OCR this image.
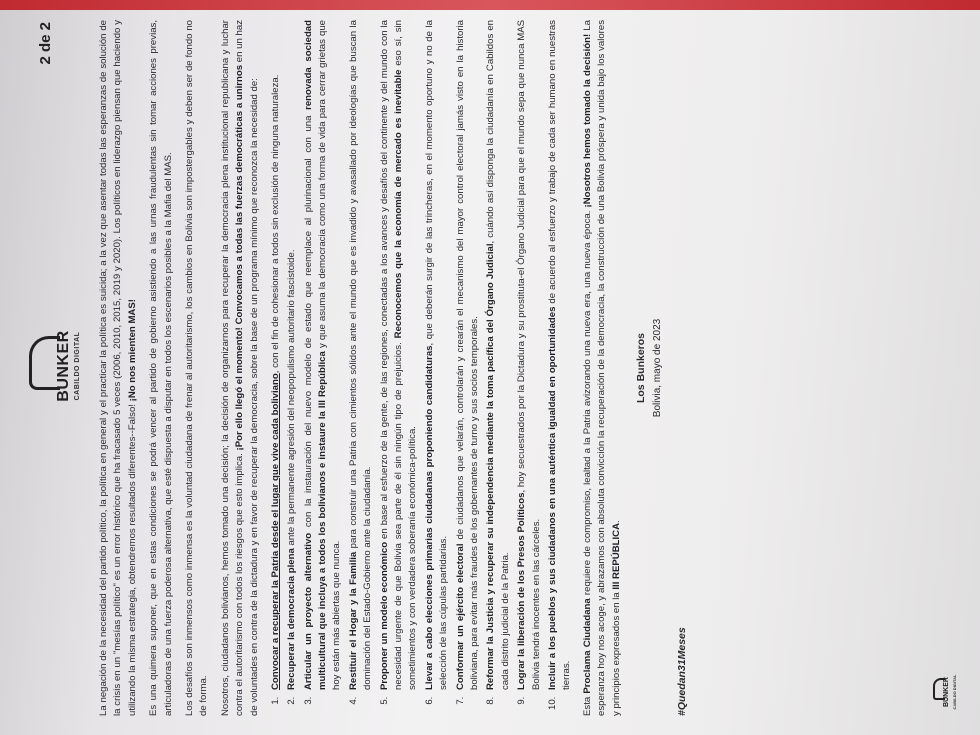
BUNKER CABILDO DIGITAL
2 de 2	La negación de la necesidad del partido político, la política en general y el practicar la política es suicida; a la vez que asentar todas las esperanzas de solución de la crisis en un "mesías político" es un error histórico que ha fracasado 5 veces (2006, 2010, 2015, 2019 y 2020). Los políticos en liderazgo piensan que haciendo y utilizando la misma estrategia, obtendremos resultados diferentes--Falso! ¡No nos mienten MAS! Es una quimera suponer, que en estas condiciones se podrá vencer al partido de gobierno asistiendo a las urnas fraudulentas sin tomar acciones previas, articuladoras de una fuerza poderosa alternativa, que esté dispuesta a disputar en todos los escenarios posibles a la Mafia del MAS. Los desafíos son inmensos como inmensa es la voluntad ciudadana de frenar al autoritarismo, los cambios en Bolivia son impostergables y deben ser de fondo no de forma. Nosotros, ciudadanos bolivianos, hemos tomado una decisión; la decisión de organizarnos para recuperar la democracia plena institucional republicana y luchar contra el autoritarismo con todos los riesgos que esto implica. ¡Por ello llegó el momento! Convocamos a todas las fuerzas democráticas a unirnos en un haz de voluntades en contra de la dictadura y en favor de recuperar la democracia, sobre la base de un programa mínimo que reconozca la necesidad de: 1. Convocar a recuperar la Patria desde el lugar que vive cada boliviano, con el fin de cohesionar a todos sin exclusión de ninguna naturaleza.
2. Recuperar la democracia plena ante la permanente agresión del neopopulismo autoritario fascistoide.
3. Articular un proyecto alternativo con la instauración del nuevo modelo de estado que reemplace al plurinacional con una renovada sociedad multicultural que incluya a todos los bolivianos e instaure la III República y que asuma la democracia como una forma de vida para cerrar grietas que hoy están más abiertas que nunca. 4. Restituir el Hogar y la Familia para construir una Patria con cimientos sólidos ante el mundo que es invadido y avasallado por ideologías que buscan la dominación del Estado-Gobierno ante la ciudadanía. 5. Proponer un modelo económico en base al esfuerzo de la gente, de las regiones, conectadas a los avances y desafíos del continente y del mundo con la necesidad urgente de que Bolivia sea parte de él sin ningún tipo de prejuicios. Reconocemos que la economía de mercado es inevitable eso sí, sin sometimientos y con verdadera soberanía económica-política. 6. Llevar a cabo elecciones primarias ciudadanas proponiendo candidaturas, que deberán surgir de las trincheras, en el momento oportuno y no de la selección de las cúpulas partidarias. 7. Conformar un ejército electoral de ciudadanos que velarán, controlarán y crearán el mecanismo del mayor control electoral jamás visto en la historia boliviana, para evitar más fraudes de los gobernantes de turno y sus socios temporales. 8. Reformar la Justicia y recuperar su independencia mediante la toma pacífica del Órgano Judicial, cuándo así disponga la ciudadanía en Cabildos en cada distrito judicial de la Patria. 9. Lograr la liberación de los Presos Políticos, hoy secuestrados por la Dictadura y su prostituta-el Órgano Judicial para que el mundo sepa que nunca MAS Bolivia tendrá inocentes en las cárceles. 10. Incluir a los pueblos y sus ciudadanos en una auténtica igualdad en oportunidades de acuerdo al esfuerzo y trabajo de cada ser humano en nuestras tierras.

Esta Proclama Ciudadana requiere de compromiso, lealtad a la Patria avizorando una nueva era, una nueva época. ¡Nosotros hemos tomado la decisión! La esperanza hoy nos acoge, y abrazamos con absoluta convicción la recuperación de la democracia, la construcción de una Bolivia próspera y unida bajo los valores y principios expresados en la III REPÚBLICA.

Los Bunkeros Bolivia, mayo de 2023
#Quedan31Meses	BUNKER CABILDO DIGITAL
